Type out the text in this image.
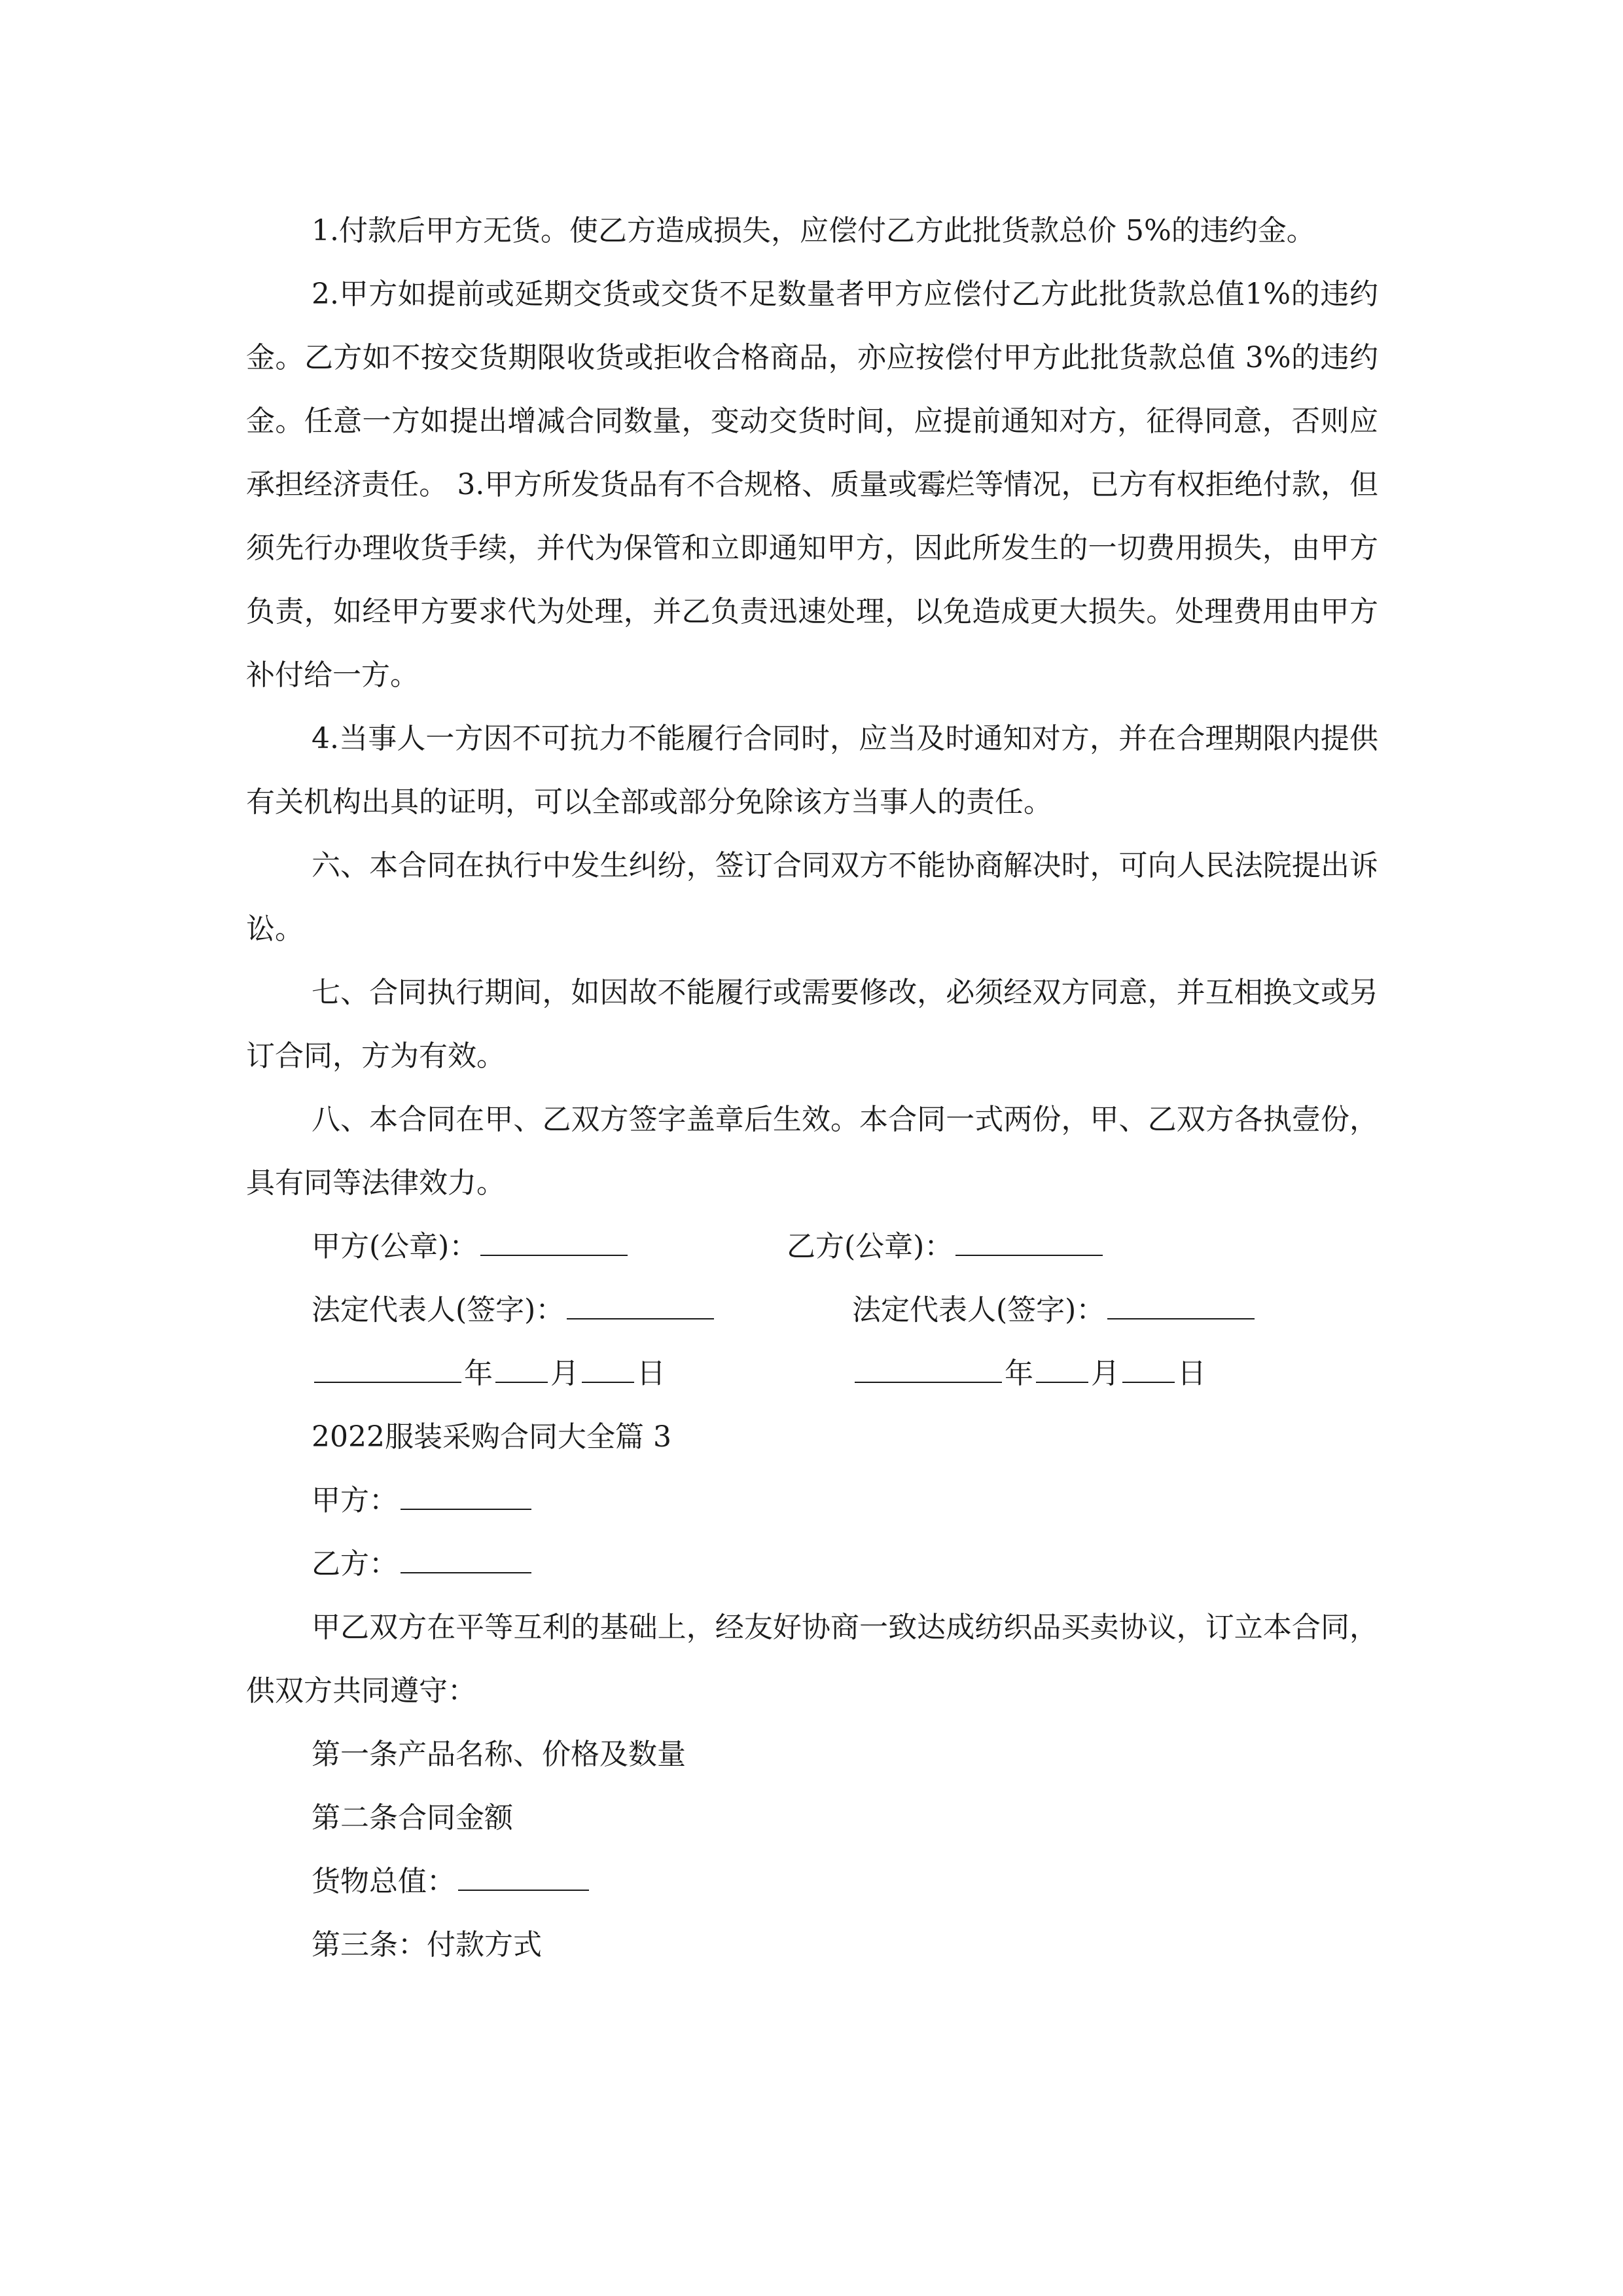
1.付款后甲方无货。使乙方造成损失，应偿付乙方此批货款总价 5%的违约金。

2.甲方如提前或延期交货或交货不足数量者甲方应偿付乙方此批货款总值1%的违约金。乙方如不按交货期限收货或拒收合格商品，亦应按偿付甲方此批货款总值 3%的违约金。任意一方如提出增减合同数量，变动交货时间，应提前通知对方，征得同意，否则应承担经济责任。 3.甲方所发货品有不合规格、质量或霉烂等情况，已方有权拒绝付款，但须先行办理收货手续，并代为保管和立即通知甲方，因此所发生的一切费用损失，由甲方负责，如经甲方要求代为处理，并乙负责迅速处理，以免造成更大损失。处理费用由甲方补付给一方。

4.当事人一方因不可抗力不能履行合同时，应当及时通知对方，并在合理期限内提供有关机构出具的证明，可以全部或部分免除该方当事人的责任。

六、本合同在执行中发生纠纷，签订合同双方不能协商解决时，可向人民法院提出诉讼。

七、合同执行期间，如因故不能履行或需要修改，必须经双方同意，并互相换文或另订合同，方为有效。

八、本合同在甲、乙双方签字盖章后生效。本合同一式两份，甲、乙双方各执壹份，具有同等法律效力。

甲方(公章)：	乙方(公章)：
法定代表人(签字)：	法定代表人(签字)：
年 月 日	年 月 日
2022服装采购合同大全篇 3
甲方：
乙方：

甲乙双方在平等互利的基础上，经友好协商一致达成纺织品买卖协议，订立本合同，供双方共同遵守：

第一条产品名称、价格及数量
第二条合同金额
货物总值：
第三条：付款方式
